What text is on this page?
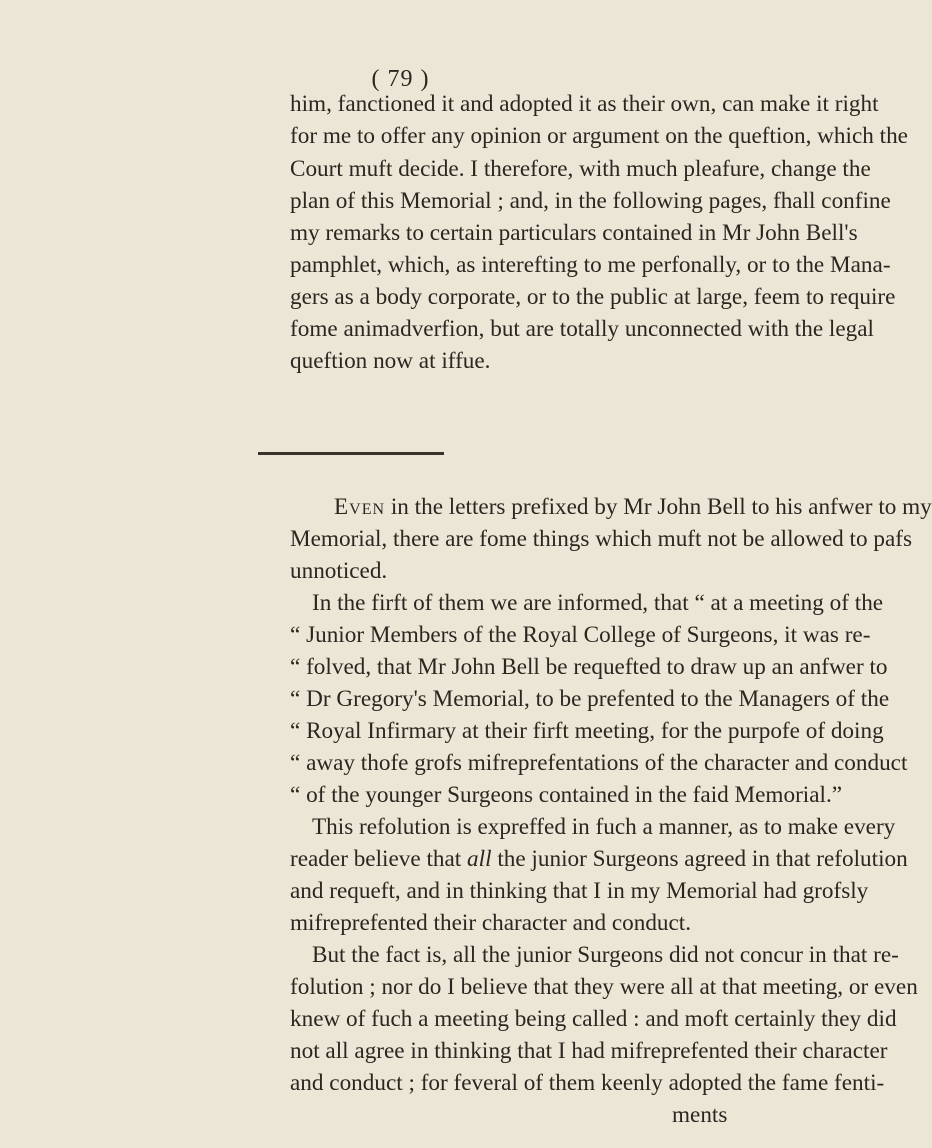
( 79 )
him, fanctioned it and adopted it as their own, can make it right
for me to offer any opinion or argument on the queftion, which the
Court muft decide. I therefore, with much pleafure, change the
plan of this Memorial ; and, in the following pages, fhall confine
my remarks to certain particulars contained in Mr John Bell's
pamphlet, which, as interefting to me perfonally, or to the Mana-
gers as a body corporate, or to the public at large, feem to require
fome animadverfion, but are totally unconnected with the legal
queftion now at iffue.
Even in the letters prefixed by Mr John Bell to his anfwer to my
Memorial, there are fome things which muft not be allowed to pafs
unnoticed.
In the firft of them we are informed, that “ at a meeting of the
“ Junior Members of the Royal College of Surgeons, it was re-
“ folved, that Mr John Bell be requefted to draw up an anfwer to
“ Dr Gregory's Memorial, to be prefented to the Managers of the
“ Royal Infirmary at their firft meeting, for the purpofe of doing
“ away thofe grofs mifreprefentations of the character and conduct
“ of the younger Surgeons contained in the faid Memorial.”
This refolution is expreffed in fuch a manner, as to make every
reader believe that all the junior Surgeons agreed in that refolution
and requeft, and in thinking that I in my Memorial had grofsly
mifreprefented their character and conduct.
But the fact is, all the junior Surgeons did not concur in that re-
folution ; nor do I believe that they were all at that meeting, or even
knew of fuch a meeting being called : and moft certainly they did
not all agree in thinking that I had mifreprefented their character
and conduct ; for feveral of them keenly adopted the fame fenti-
ments
